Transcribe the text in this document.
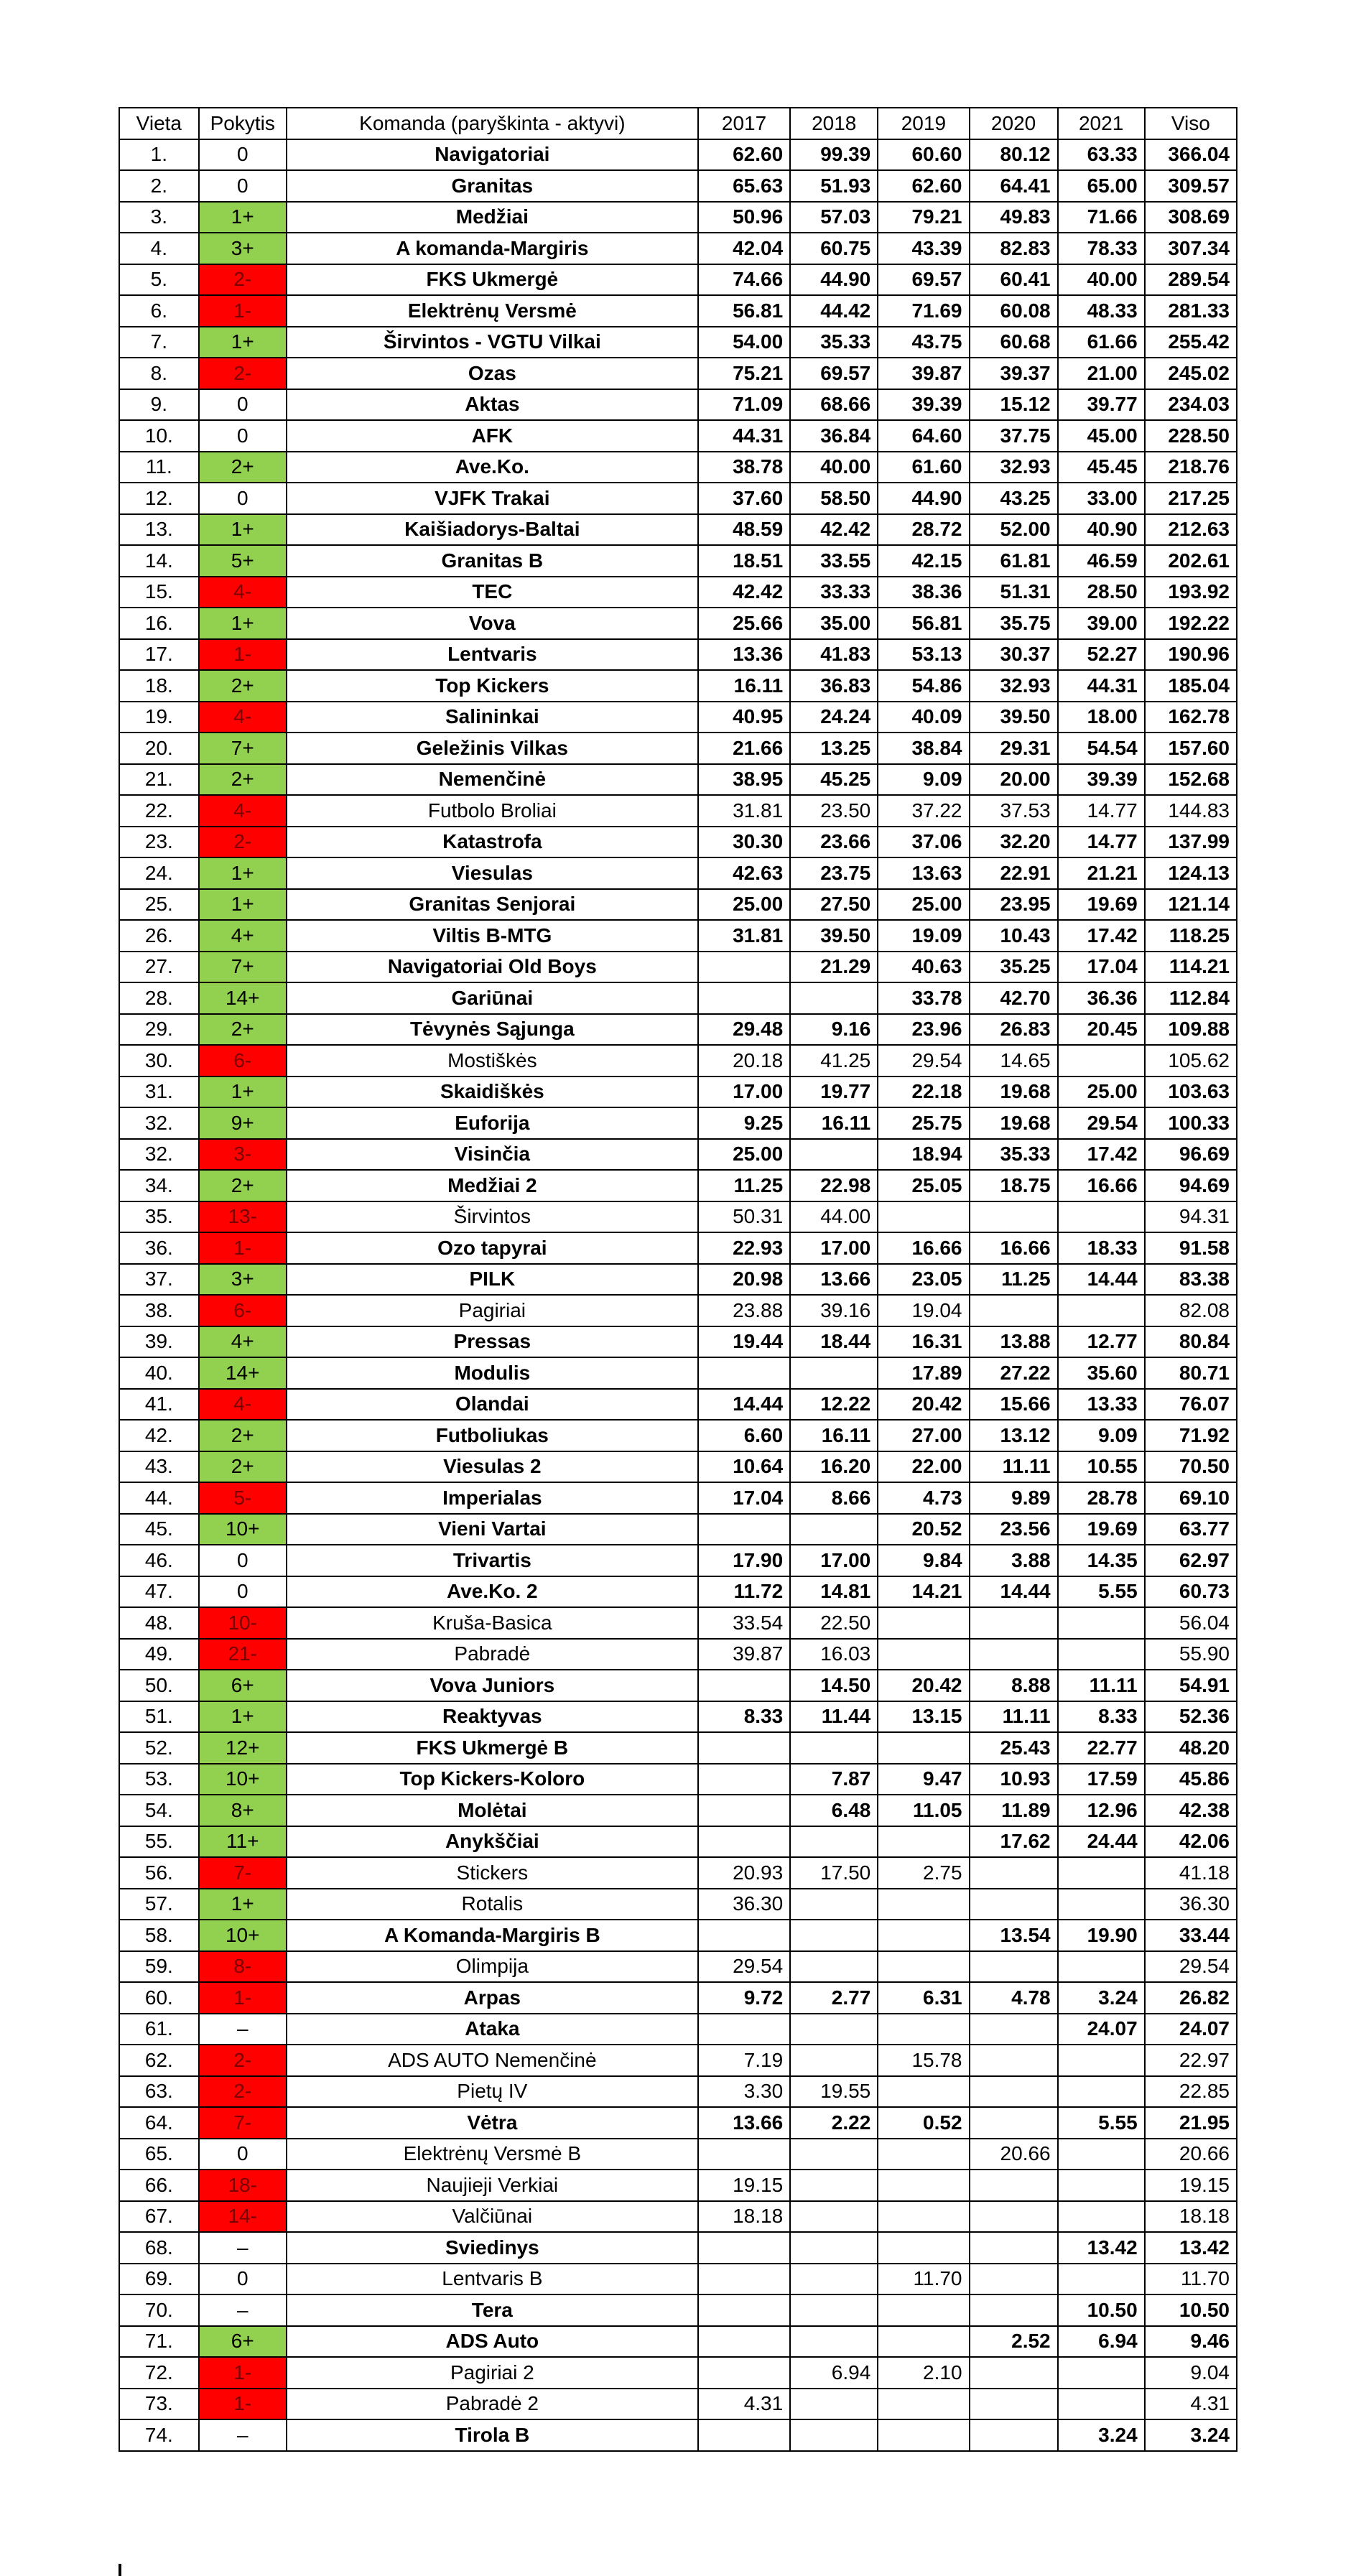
Vieta	Pokytis	Komanda (paryškinta - aktyvi)	2017	2018	2019	2020	2021	Viso
1.	0	Navigatoriai	62.60	99.39	60.60	80.12	63.33	366.04
2.	0	Granitas	65.63	51.93	62.60	64.41	65.00	309.57
3.	1+	Medžiai	50.96	57.03	79.21	49.83	71.66	308.69
4.	3+	A komanda-Margiris	42.04	60.75	43.39	82.83	78.33	307.34
5.	2-	FKS Ukmergė	74.66	44.90	69.57	60.41	40.00	289.54
6.	1-	Elektrėnų Versmė	56.81	44.42	71.69	60.08	48.33	281.33
7.	1+	Širvintos - VGTU Vilkai	54.00	35.33	43.75	60.68	61.66	255.42
8.	2-	Ozas	75.21	69.57	39.87	39.37	21.00	245.02
9.	0	Aktas	71.09	68.66	39.39	15.12	39.77	234.03
10.	0	AFK	44.31	36.84	64.60	37.75	45.00	228.50
11.	2+	Ave.Ko.	38.78	40.00	61.60	32.93	45.45	218.76
12.	0	VJFK Trakai	37.60	58.50	44.90	43.25	33.00	217.25
13.	1+	Kaišiadorys-Baltai	48.59	42.42	28.72	52.00	40.90	212.63
14.	5+	Granitas B	18.51	33.55	42.15	61.81	46.59	202.61
15.	4-	TEC	42.42	33.33	38.36	51.31	28.50	193.92
16.	1+	Vova	25.66	35.00	56.81	35.75	39.00	192.22
17.	1-	Lentvaris	13.36	41.83	53.13	30.37	52.27	190.96
18.	2+	Top Kickers	16.11	36.83	54.86	32.93	44.31	185.04
19.	4-	Salininkai	40.95	24.24	40.09	39.50	18.00	162.78
20.	7+	Geležinis Vilkas	21.66	13.25	38.84	29.31	54.54	157.60
21.	2+	Nemenčinė	38.95	45.25	9.09	20.00	39.39	152.68
22.	4-	Futbolo Broliai	31.81	23.50	37.22	37.53	14.77	144.83
23.	2-	Katastrofa	30.30	23.66	37.06	32.20	14.77	137.99
24.	1+	Viesulas	42.63	23.75	13.63	22.91	21.21	124.13
25.	1+	Granitas Senjorai	25.00	27.50	25.00	23.95	19.69	121.14
26.	4+	Viltis B-MTG	31.81	39.50	19.09	10.43	17.42	118.25
27.	7+	Navigatoriai Old Boys		21.29	40.63	35.25	17.04	114.21
28.	14+	Gariūnai			33.78	42.70	36.36	112.84
29.	2+	Tėvynės Sąjunga	29.48	9.16	23.96	26.83	20.45	109.88
30.	6-	Mostiškės	20.18	41.25	29.54	14.65		105.62
31.	1+	Skaidiškės	17.00	19.77	22.18	19.68	25.00	103.63
32.	9+	Euforija	9.25	16.11	25.75	19.68	29.54	100.33
32.	3-	Visinčia	25.00		18.94	35.33	17.42	96.69
34.	2+	Medžiai 2	11.25	22.98	25.05	18.75	16.66	94.69
35.	13-	Širvintos	50.31	44.00				94.31
36.	1-	Ozo tapyrai	22.93	17.00	16.66	16.66	18.33	91.58
37.	3+	PILK	20.98	13.66	23.05	11.25	14.44	83.38
38.	6-	Pagiriai	23.88	39.16	19.04			82.08
39.	4+	Pressas	19.44	18.44	16.31	13.88	12.77	80.84
40.	14+	Modulis			17.89	27.22	35.60	80.71
41.	4-	Olandai	14.44	12.22	20.42	15.66	13.33	76.07
42.	2+	Futboliukas	6.60	16.11	27.00	13.12	9.09	71.92
43.	2+	Viesulas 2	10.64	16.20	22.00	11.11	10.55	70.50
44.	5-	Imperialas	17.04	8.66	4.73	9.89	28.78	69.10
45.	10+	Vieni Vartai			20.52	23.56	19.69	63.77
46.	0	Trivartis	17.90	17.00	9.84	3.88	14.35	62.97
47.	0	Ave.Ko. 2	11.72	14.81	14.21	14.44	5.55	60.73
48.	10-	Kruša-Basica	33.54	22.50				56.04
49.	21-	Pabradė	39.87	16.03				55.90
50.	6+	Vova Juniors		14.50	20.42	8.88	11.11	54.91
51.	1+	Reaktyvas	8.33	11.44	13.15	11.11	8.33	52.36
52.	12+	FKS Ukmergė B				25.43	22.77	48.20
53.	10+	Top Kickers-Koloro		7.87	9.47	10.93	17.59	45.86
54.	8+	Molėtai		6.48	11.05	11.89	12.96	42.38
55.	11+	Anykščiai				17.62	24.44	42.06
56.	7-	Stickers	20.93	17.50	2.75			41.18
57.	1+	Rotalis	36.30					36.30
58.	10+	A Komanda-Margiris B				13.54	19.90	33.44
59.	8-	Olimpija	29.54					29.54
60.	1-	Arpas	9.72	2.77	6.31	4.78	3.24	26.82
61.	–	Ataka					24.07	24.07
62.	2-	ADS AUTO Nemenčinė	7.19		15.78			22.97
63.	2-	Pietų IV	3.30	19.55				22.85
64.	7-	Vėtra	13.66	2.22	0.52		5.55	21.95
65.	0	Elektrėnų Versmė B				20.66		20.66
66.	18-	Naujieji Verkiai	19.15					19.15
67.	14-	Valčiūnai	18.18					18.18
68.	–	Sviedinys					13.42	13.42
69.	0	Lentvaris B			11.70			11.70
70.	–	Tera					10.50	10.50
71.	6+	ADS Auto				2.52	6.94	9.46
72.	1-	Pagiriai 2		6.94	2.10			9.04
73.	1-	Pabradė 2	4.31					4.31
74.	–	Tirola B					3.24	3.24
